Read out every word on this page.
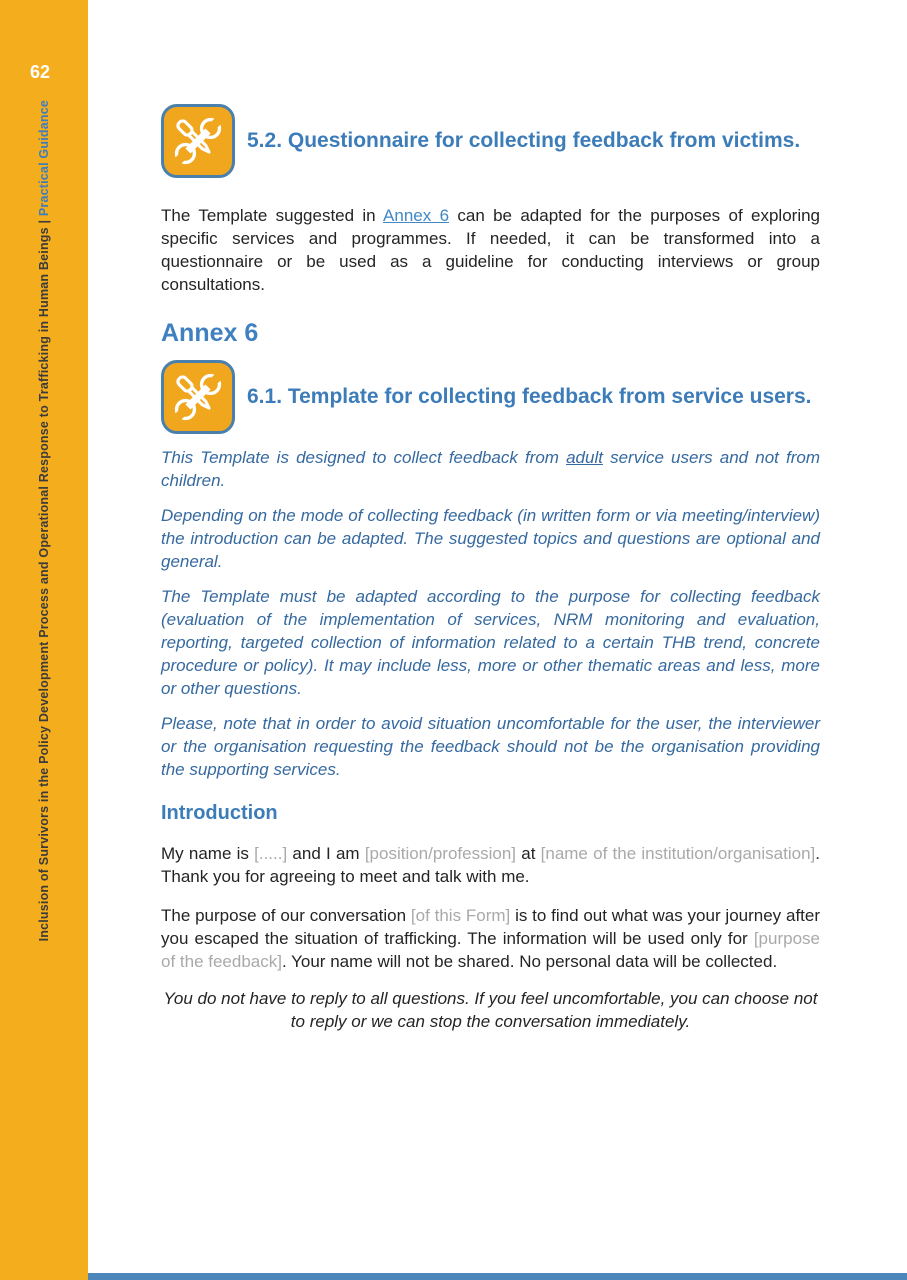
62
Inclusion of Survivors in the Policy Development Process and Operational Response to Trafficking in Human Beings | Practical Guidance	5.2. Questionnaire for collecting feedback from victims.

The Template suggested in Annex 6 can be adapted for the purposes of exploring specific services and programmes. If needed, it can be transformed into a questionnaire or be used as a guideline for conducting interviews or group consultations.

Annex 6
6.1. Template for collecting feedback from service users.

This Template is designed to collect feedback from adult service users and not from children.

Depending on the mode of collecting feedback (in written form or via meeting/interview) the introduction can be adapted. The suggested topics and questions are optional and general.

The Template must be adapted according to the purpose for collecting feedback (evaluation of the implementation of services, NRM monitoring and evaluation, reporting, targeted collection of information related to a certain THB trend, concrete procedure or policy). It may include less, more or other thematic areas and less, more or other questions.

Please, note that in order to avoid situation uncomfortable for the user, the interviewer or the organisation requesting the feedback should not be the organisation providing the supporting services.

Introduction

My name is [.....] and I am [position/profession] at [name of the institution/organisation]. Thank you for agreeing to meet and talk with me.

The purpose of our conversation [of this Form] is to find out what was your journey after you escaped the situation of trafficking. The information will be used only for [purpose of the feedback]. Your name will not be shared. No personal data will be collected.

You do not have to reply to all questions. If you feel uncomfortable, you can choose not to reply or we can stop the conversation immediately.
